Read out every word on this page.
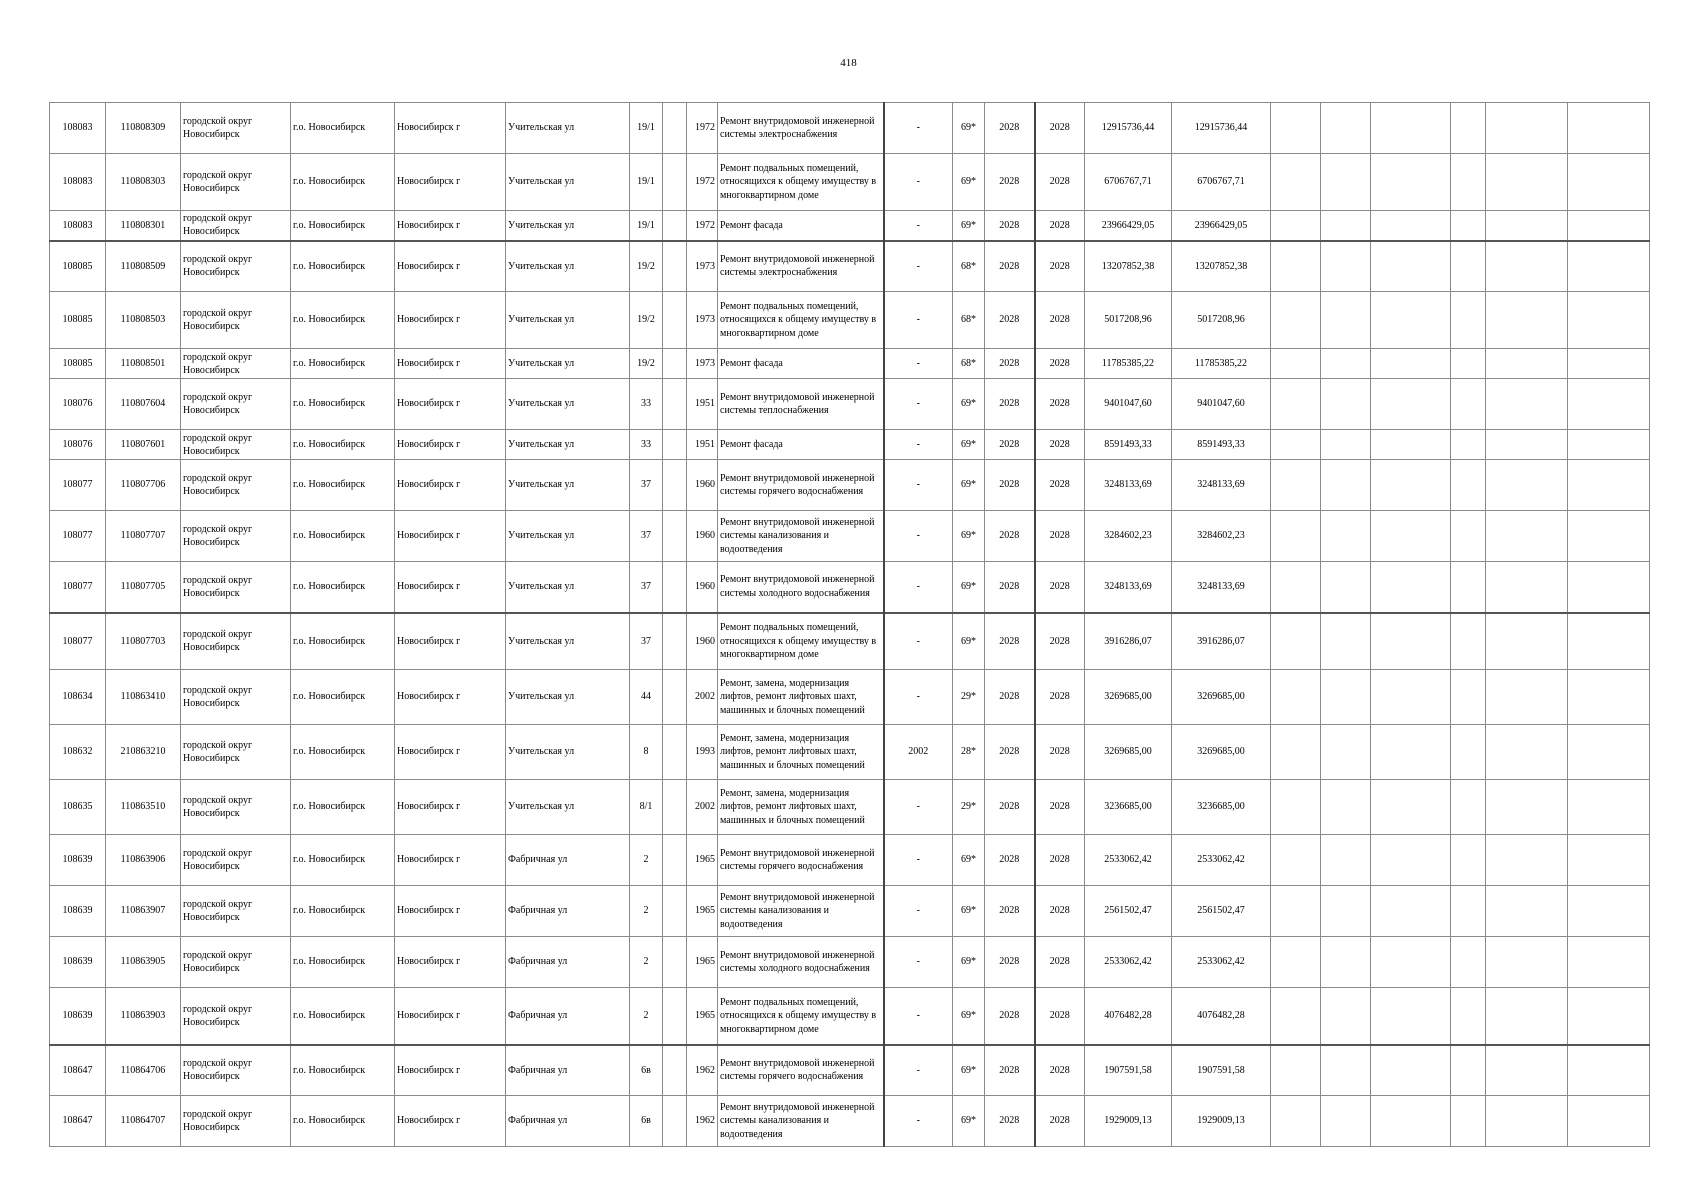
418
108083	110808309	городской округ Новосибирск	г.о. Новосибирск	Новосибирск г	Учительская ул	19/1		1972	Ремонт внутридомовой инженерной системы электроснабжения	-	69*	2028	2028	12915736,44	12915736,44						
108083	110808303	городской округ Новосибирск	г.о. Новосибирск	Новосибирск г	Учительская ул	19/1		1972	Ремонт подвальных помещений, относящихся к общему имуществу в многоквартирном доме	-	69*	2028	2028	6706767,71	6706767,71						
108083	110808301	городской округ Новосибирск	г.о. Новосибирск	Новосибирск г	Учительская ул	19/1		1972	Ремонт фасада	-	69*	2028	2028	23966429,05	23966429,05						
108085	110808509	городской округ Новосибирск	г.о. Новосибирск	Новосибирск г	Учительская ул	19/2		1973	Ремонт внутридомовой инженерной системы электроснабжения	-	68*	2028	2028	13207852,38	13207852,38						
108085	110808503	городской округ Новосибирск	г.о. Новосибирск	Новосибирск г	Учительская ул	19/2		1973	Ремонт подвальных помещений, относящихся к общему имуществу в многоквартирном доме	-	68*	2028	2028	5017208,96	5017208,96						
108085	110808501	городской округ Новосибирск	г.о. Новосибирск	Новосибирск г	Учительская ул	19/2		1973	Ремонт фасада	-	68*	2028	2028	11785385,22	11785385,22						
108076	110807604	городской округ Новосибирск	г.о. Новосибирск	Новосибирск г	Учительская ул	33		1951	Ремонт внутридомовой инженерной системы теплоснабжения	-	69*	2028	2028	9401047,60	9401047,60						
108076	110807601	городской округ Новосибирск	г.о. Новосибирск	Новосибирск г	Учительская ул	33		1951	Ремонт фасада	-	69*	2028	2028	8591493,33	8591493,33						
108077	110807706	городской округ Новосибирск	г.о. Новосибирск	Новосибирск г	Учительская ул	37		1960	Ремонт внутридомовой инженерной системы горячего водоснабжения	-	69*	2028	2028	3248133,69	3248133,69						
108077	110807707	городской округ Новосибирск	г.о. Новосибирск	Новосибирск г	Учительская ул	37		1960	Ремонт внутридомовой инженерной системы канализования и водоотведения	-	69*	2028	2028	3284602,23	3284602,23						
108077	110807705	городской округ Новосибирск	г.о. Новосибирск	Новосибирск г	Учительская ул	37		1960	Ремонт внутридомовой инженерной системы холодного водоснабжения	-	69*	2028	2028	3248133,69	3248133,69						
108077	110807703	городской округ Новосибирск	г.о. Новосибирск	Новосибирск г	Учительская ул	37		1960	Ремонт подвальных помещений, относящихся к общему имуществу в многоквартирном доме	-	69*	2028	2028	3916286,07	3916286,07						
108634	110863410	городской округ Новосибирск	г.о. Новосибирск	Новосибирск г	Учительская ул	44		2002	Ремонт, замена, модернизация лифтов, ремонт лифтовых шахт, машинных и блочных помещений	-	29*	2028	2028	3269685,00	3269685,00						
108632	210863210	городской округ Новосибирск	г.о. Новосибирск	Новосибирск г	Учительская ул	8		1993	Ремонт, замена, модернизация лифтов, ремонт лифтовых шахт, машинных и блочных помещений	2002	28*	2028	2028	3269685,00	3269685,00						
108635	110863510	городской округ Новосибирск	г.о. Новосибирск	Новосибирск г	Учительская ул	8/1		2002	Ремонт, замена, модернизация лифтов, ремонт лифтовых шахт, машинных и блочных помещений	-	29*	2028	2028	3236685,00	3236685,00						
108639	110863906	городской округ Новосибирск	г.о. Новосибирск	Новосибирск г	Фабричная ул	2		1965	Ремонт внутридомовой инженерной системы горячего водоснабжения	-	69*	2028	2028	2533062,42	2533062,42						
108639	110863907	городской округ Новосибирск	г.о. Новосибирск	Новосибирск г	Фабричная ул	2		1965	Ремонт внутридомовой инженерной системы канализования и водоотведения	-	69*	2028	2028	2561502,47	2561502,47						
108639	110863905	городской округ Новосибирск	г.о. Новосибирск	Новосибирск г	Фабричная ул	2		1965	Ремонт внутридомовой инженерной системы холодного водоснабжения	-	69*	2028	2028	2533062,42	2533062,42						
108639	110863903	городской округ Новосибирск	г.о. Новосибирск	Новосибирск г	Фабричная ул	2		1965	Ремонт подвальных помещений, относящихся к общему имуществу в многоквартирном доме	-	69*	2028	2028	4076482,28	4076482,28						
108647	110864706	городской округ Новосибирск	г.о. Новосибирск	Новосибирск г	Фабричная ул	6в		1962	Ремонт внутридомовой инженерной системы горячего водоснабжения	-	69*	2028	2028	1907591,58	1907591,58						
108647	110864707	городской округ Новосибирск	г.о. Новосибирск	Новосибирск г	Фабричная ул	6в		1962	Ремонт внутридомовой инженерной системы канализования и водоотведения	-	69*	2028	2028	1929009,13	1929009,13						
